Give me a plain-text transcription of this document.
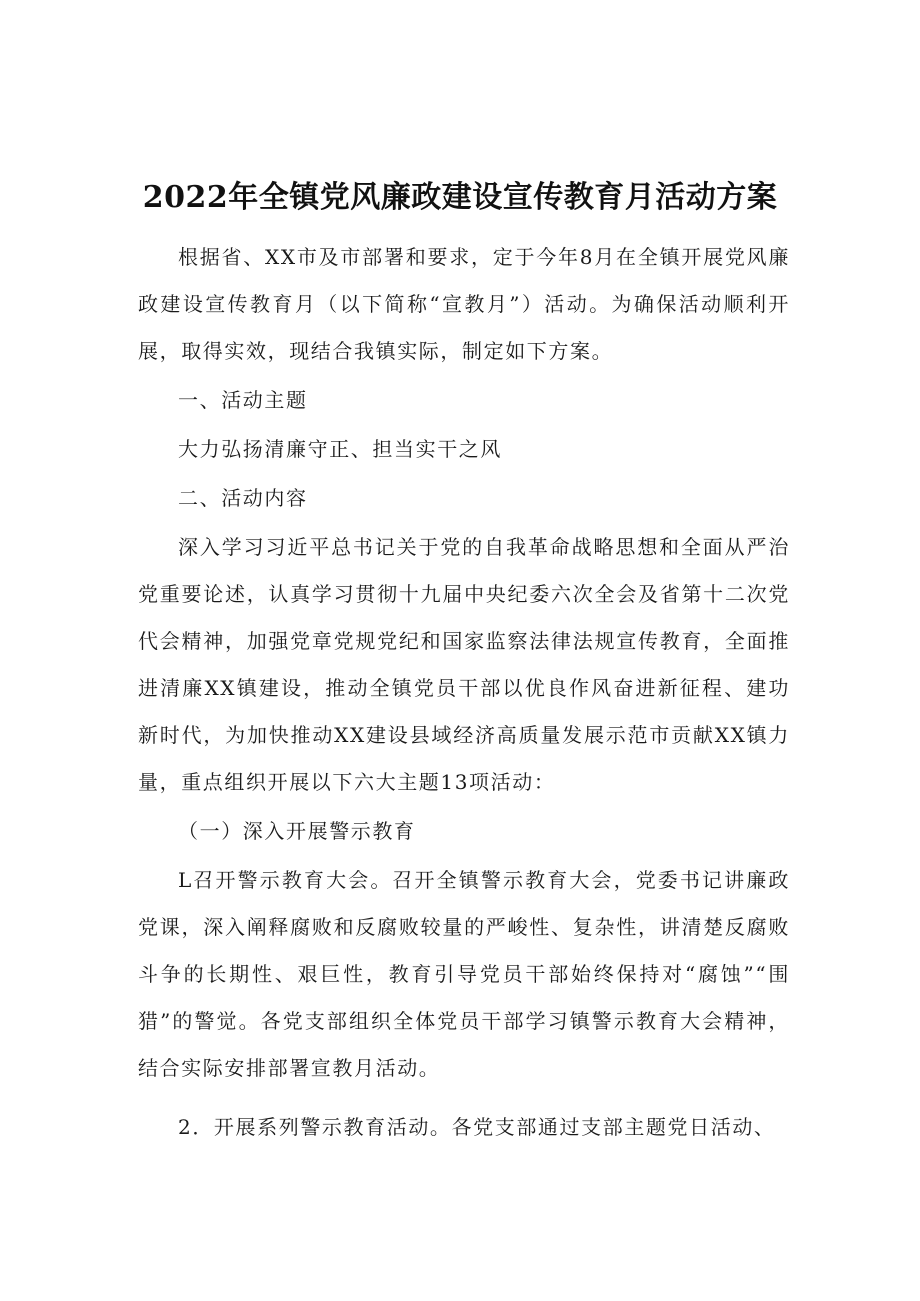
2022年全镇党风廉政建设宣传教育月活动方案

根据省、XX市及市部署和要求，定于今年8月在全镇开展党风廉政建设宣传教育月（以下简称“宣教月”）活动。为确保活动顺利开展，取得实效，现结合我镇实际，制定如下方案。

一、活动主题

大力弘扬清廉守正、担当实干之风

二、活动内容

深入学习习近平总书记关于党的自我革命战略思想和全面从严治党重要论述，认真学习贯彻十九届中央纪委六次全会及省第十二次党代会精神，加强党章党规党纪和国家监察法律法规宣传教育，全面推进清廉XX镇建设，推动全镇党员干部以优良作风奋进新征程、建功新时代，为加快推动XX建设县域经济高质量发展示范市贡献XX镇力量，重点组织开展以下六大主题13项活动：

（一）深入开展警示教育

L召开警示教育大会。召开全镇警示教育大会，党委书记讲廉政党课，深入阐释腐败和反腐败较量的严峻性、复杂性，讲清楚反腐败斗争的长期性、艰巨性，教育引导党员干部始终保持对“腐蚀”“围猎”的警觉。各党支部组织全体党员干部学习镇警示教育大会精神，结合实际安排部署宣教月活动。

2．开展系列警示教育活动。各党支部通过支部主题党日活动、
